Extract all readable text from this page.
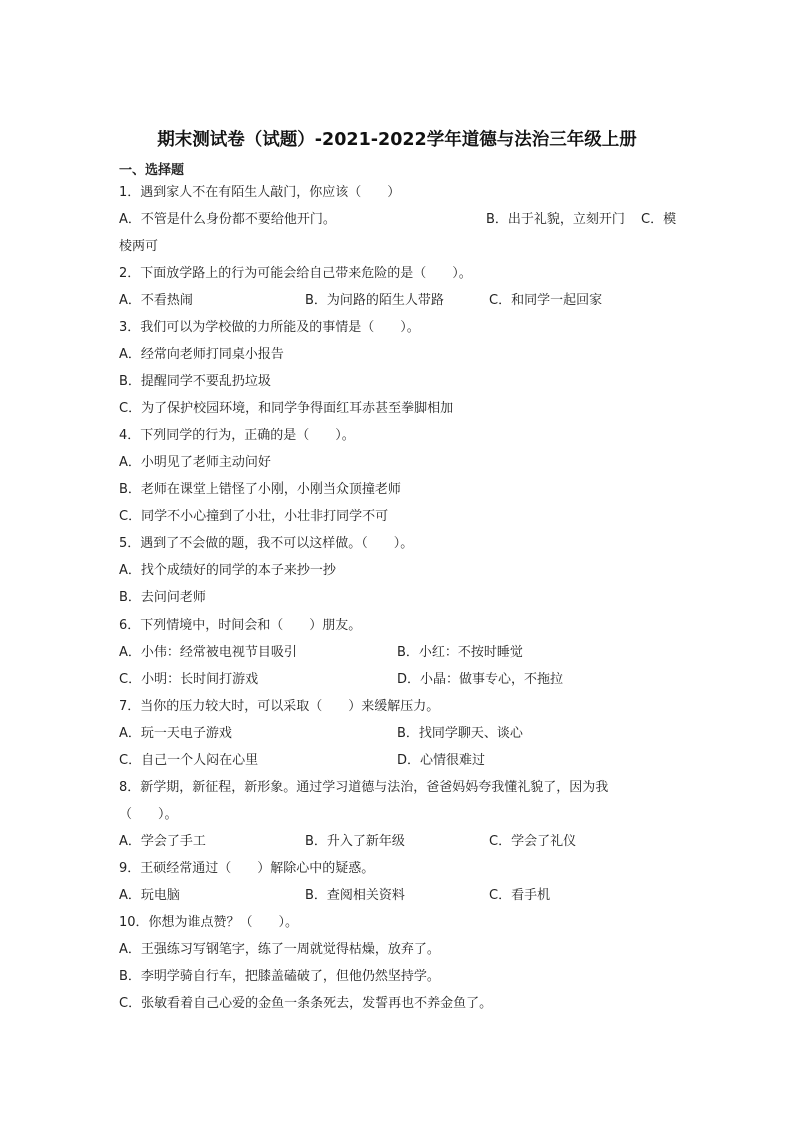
期末测试卷（试题）-2021-2022学年道德与法治三年级上册
一、选择题
1．遇到家人不在有陌生人敲门，你应该（　　）
A．不管是什么身份都不要给他开门。	B．出于礼貌，立刻开门 C．模
棱两可
2．下面放学路上的行为可能会给自己带来危险的是（　　）。
A．不看热闹	B．为问路的陌生人带路	C．和同学一起回家
3．我们可以为学校做的力所能及的事情是（　　）。
A．经常向老师打同桌小报告
B．提醒同学不要乱扔垃圾
C．为了保护校园环境，和同学争得面红耳赤甚至拳脚相加
4．下列同学的行为，正确的是（　　）。
A．小明见了老师主动问好
B．老师在课堂上错怪了小刚，小刚当众顶撞老师
C．同学不小心撞到了小壮，小壮非打同学不可
5．遇到了不会做的题，我不可以这样做。（　　）。
A．找个成绩好的同学的本子来抄一抄
B．去问问老师
6．下列情境中，时间会和（　　）朋友。
A．小伟：经常被电视节目吸引	B．小红：不按时睡觉
C．小明：长时间打游戏	D．小晶：做事专心，不拖拉
7．当你的压力较大时，可以采取（　　）来缓解压力。
A．玩一天电子游戏	B．找同学聊天、谈心
C．自己一个人闷在心里	D．心情很难过
8．新学期，新征程，新形象。通过学习道德与法治，爸爸妈妈夸我懂礼貌了，因为我
（　　）。
A．学会了手工	B．升入了新年级	C．学会了礼仪
9．王硕经常通过（　　）解除心中的疑惑。
A．玩电脑	B．查阅相关资料	C．看手机
10．你想为谁点赞？（　　）。
A．王强练习写钢笔字，练了一周就觉得枯燥，放弃了。
B．李明学骑自行车，把膝盖磕破了，但他仍然坚持学。
C．张敏看着自己心爱的金鱼一条条死去，发誓再也不养金鱼了。
